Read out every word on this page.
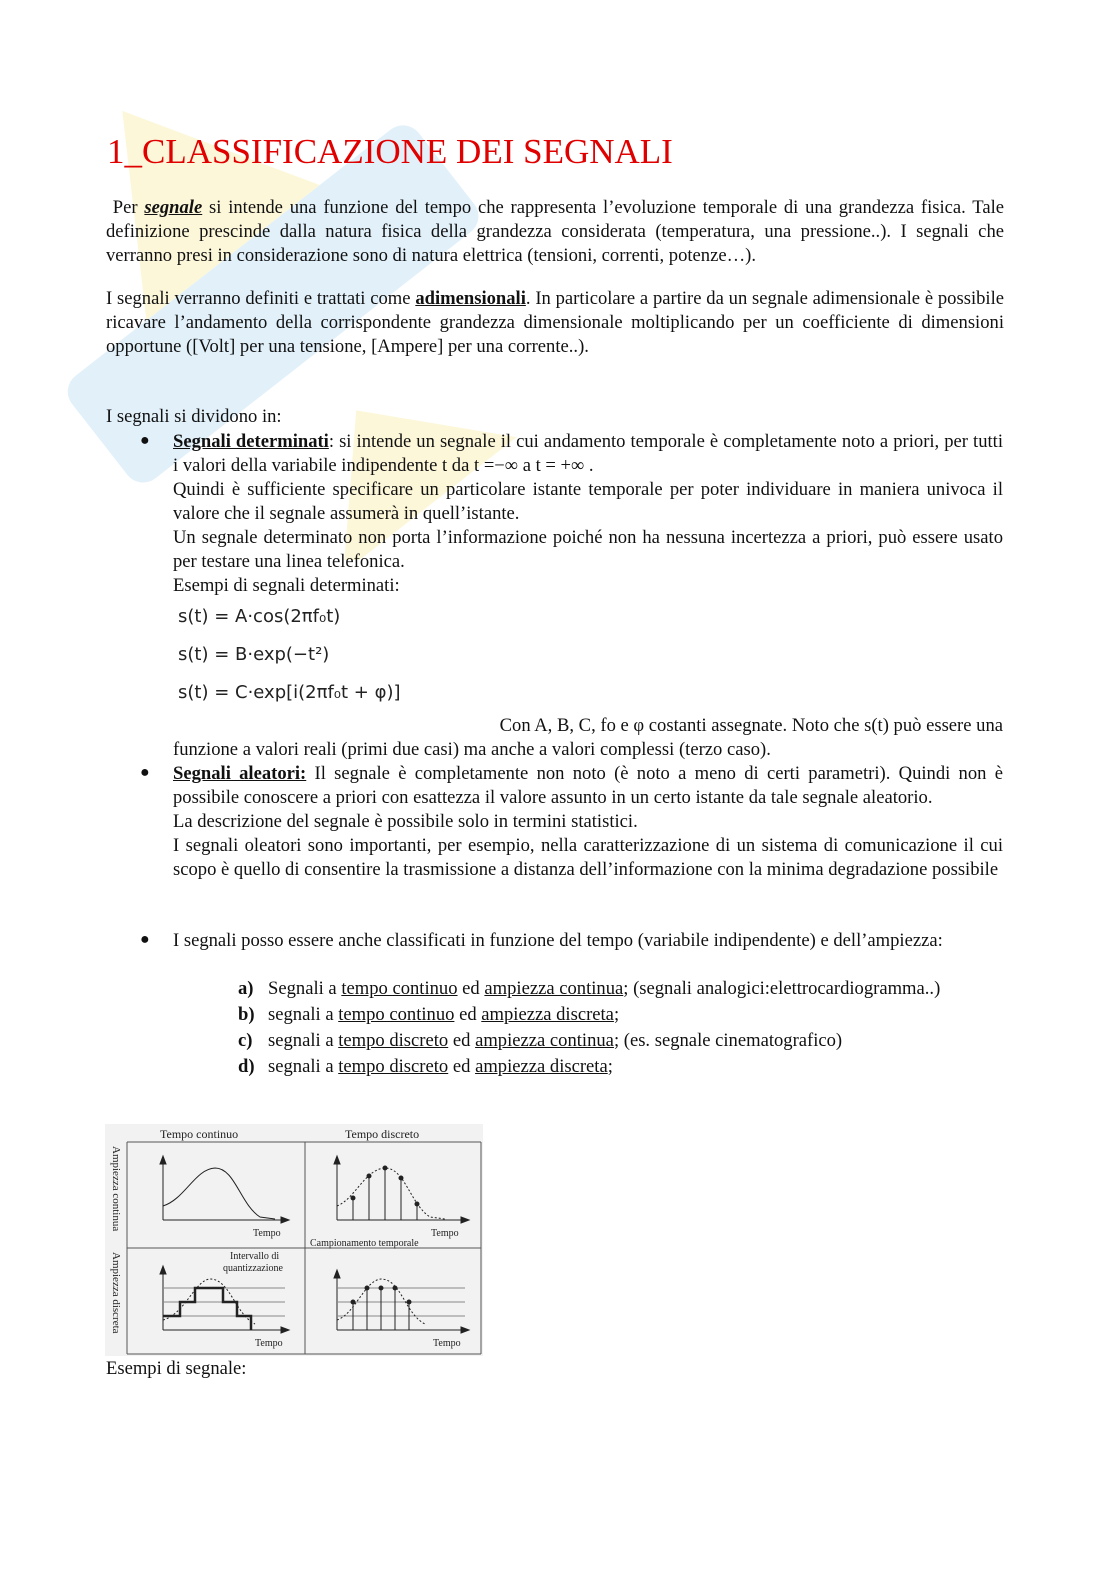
1_CLASSIFICAZIONE DEI SEGNALI

Per segnale si intende una funzione del tempo che rappresenta l’evoluzione temporale di una grandezza fisica. Tale definizione prescinde dalla natura fisica della grandezza considerata (temperatura, una pressione..). I segnali che verranno presi in considerazione sono di natura elettrica (tensioni, correnti, potenze…).

I segnali verranno definiti e trattati come adimensionali. In particolare a partire da un segnale adimensionale è possibile ricavare l’andamento della corrispondente grandezza dimensionale moltiplicando per un coefficiente di dimensioni opportune ([Volt] per una tensione, [Ampere] per una corrente..).

I segnali si dividono in:

● Segnali determinati: si intende un segnale il cui andamento temporale è completamente noto a priori, per tutti i valori della variabile indipendente t da t =−∞ a t = +∞ .
Quindi è sufficiente specificare un particolare istante temporale per poter individuare in maniera univoca il valore che il segnale assumerà in quell’istante.
Un segnale determinato non porta l’informazione poiché non ha nessuna incertezza a priori, può essere usato per testare una linea telefonica.
Esempi di segnali determinati:

s(t) = A·cos(2πf₀t)
s(t) = B·exp(−t²)
s(t) = C·exp[i(2πf₀t + φ)]

Con A, B, C, fo e φ costanti assegnate. Noto che s(t) può essere una
funzione a valori reali (primi due casi) ma anche a valori complessi (terzo caso).

● Segnali aleatori: Il segnale è completamente non noto (è noto a meno di certi parametri). Quindi non è possibile conoscere a priori con esattezza il valore assunto in un certo istante da tale segnale aleatorio.
La descrizione del segnale è possibile solo in termini statistici.
I segnali oleatori sono importanti, per esempio, nella caratterizzazione di un sistema di comunicazione il cui scopo è quello di consentire la trasmissione a distanza dell’informazione con la minima degradazione possibile

● I segnali posso essere anche classificati in funzione del tempo (variabile indipendente) e dell’ampiezza:

a) Segnali a tempo continuo ed ampiezza continua; (segnali analogici:elettrocardiogramma..)
b) segnali a tempo continuo ed ampiezza discreta;
c) segnali a tempo discreto ed ampiezza continua; (es. segnale cinematografico)
d) segnali a tempo discreto ed ampiezza discreta;
Tempo continuo	Tempo discreto
Ampiezza continua
Ampiezza discreta
Tempo	Tempo
Campionamento temporale
Intervallo di
quantizzazione
Tempo	Tempo
Esempi di segnale:
